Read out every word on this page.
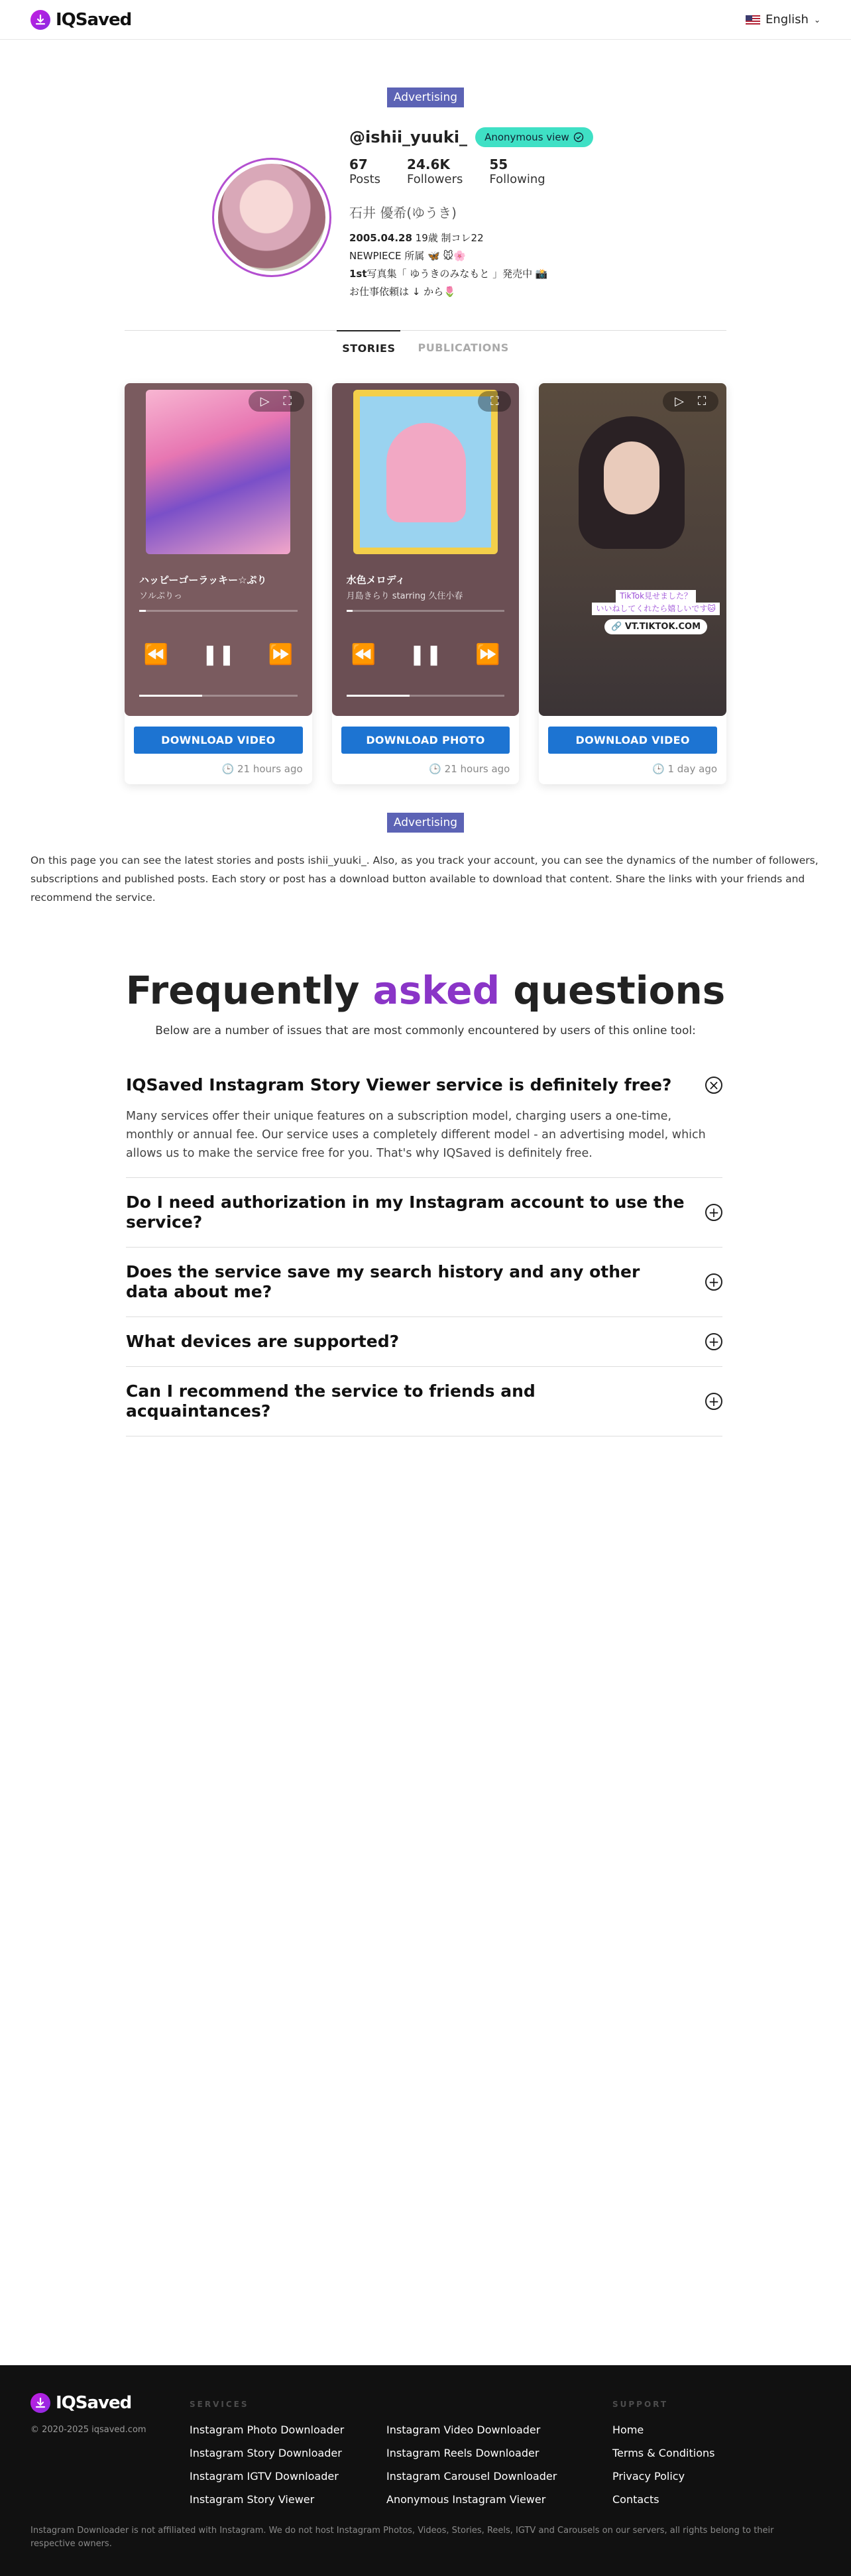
IQSaved	English ⌄
Advertising
@ishii_yuuki_ Anonymous view
67
Posts
24.6K
Followers
55
Following
石井 優希(ゆうき)
2005.04.28 19歳 制コレ22
NEWPIECE 所属 🦋 🐭🌸
1st写真集「 ゆうきのみなもと 」発売中 📸
お仕事依頼は ↓ から🌷
STORIES	PUBLICATIONS
▷	⛶
ハッピーゴーラッキー☆ぷり
ソルぷりっ
⏪ ❚❚ ⏩
DOWNLOAD VIDEO
🕒 21 hours ago
⛶
水色メロディ
月島きらり starring 久住小春
⏪ ❚❚ ⏩
DOWNLOAD PHOTO
🕒 21 hours ago
▷	⛶
TikTok見せました？
いいねしてくれたら嬉しいです🐱
🔗 VT.TIKTOK.COM
DOWNLOAD VIDEO
🕒 1 day ago
Advertising

On this page you can see the latest stories and posts ishii_yuuki_. Also, as you track your account, you can see the dynamics of the number of followers, subscriptions and published posts. Each story or post has a download button available to download that content. Share the links with your friends and recommend the service.

Frequently asked questions
Below are a number of issues that are most commonly encountered by users of this online tool:
IQSaved Instagram Story Viewer service is definitely free?	×
Many services offer their unique features on a subscription model, charging users a one-time, monthly or annual fee. Our service uses a completely different model - an advertising model, which allows us to make the service free for you. That's why IQSaved is definitely free.
Do I need authorization in my Instagram account to use the service?	+
Does the service save my search history and any other data about me?	+
What devices are supported?	+
Can I recommend the service to friends and acquaintances?	+
IQSaved
© 2020-2025 iqsaved.com
SERVICES
Instagram Photo Downloader
Instagram Story Downloader
Instagram IGTV Downloader
Instagram Story Viewer
Instagram Video Downloader
Instagram Reels Downloader
Instagram Carousel Downloader
Anonymous Instagram Viewer
SUPPORT
Home
Terms & Conditions
Privacy Policy
Contacts
Instagram Downloader is not affiliated with Instagram. We do not host Instagram Photos, Videos, Stories, Reels, IGTV and Carousels on our servers, all rights belong to their respective owners.
